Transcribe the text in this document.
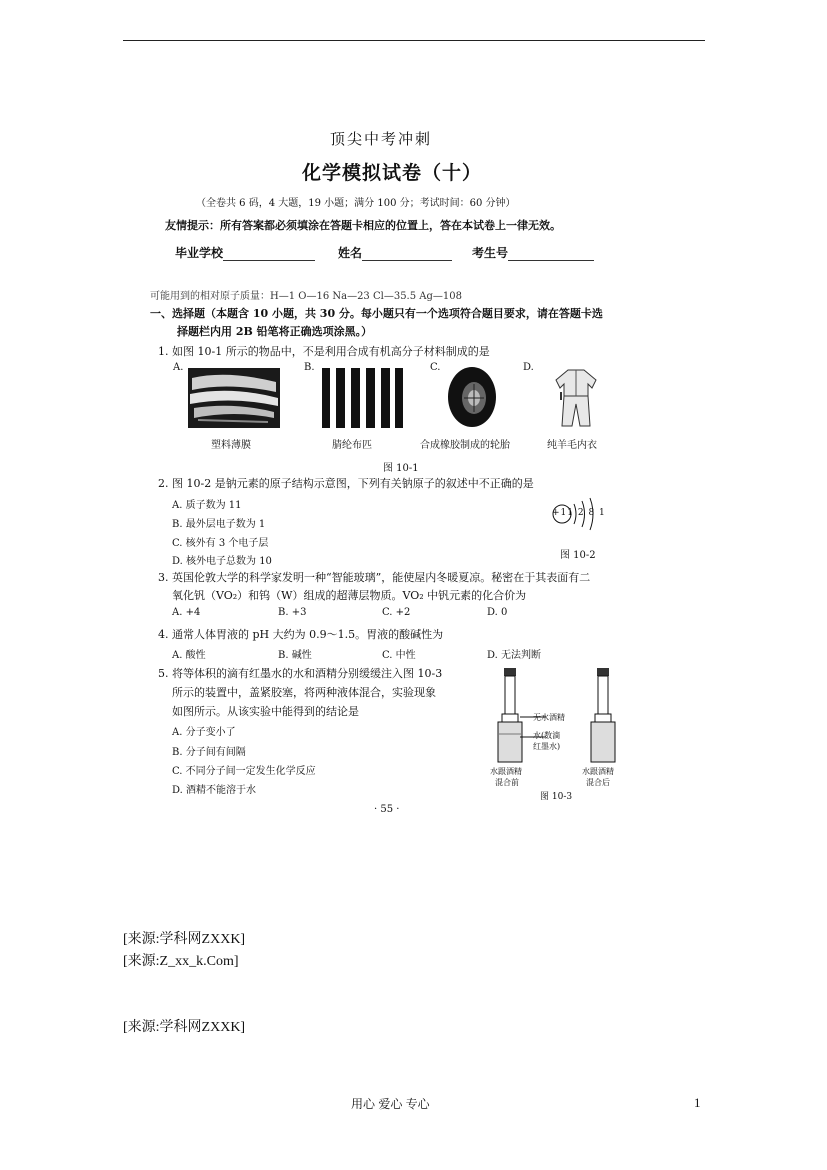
顶尖中考冲刺
化学模拟试卷（十）
（全卷共 6 码，4 大题，19 小题；满分 100 分；考试时间：60 分钟）
友情提示：所有答案都必须填涂在答题卡相应的位置上，答在本试卷上一律无效。
毕业学校	姓名	考生号
可能用到的相对原子质量：H—1 O—16 Na—23 Cl—35.5 Ag—108
一、选择题（本题含 10 小题，共 30 分。每小题只有一个选项符合题目要求，请在答题卡选
择题栏内用 2B 铅笔将正确选项涂黑。）
1. 如图 10-1 所示的物品中，不是利用合成有机高分子材料制成的是
A.	B.	C.	D.
塑料薄膜	腈纶布匹	合成橡胶制成的轮胎	纯羊毛内衣
图 10-1
2. 图 10-2 是钠元素的原子结构示意图，下列有关钠原子的叙述中不正确的是
A. 质子数为 11
B. 最外层电子数为 1
C. 核外有 3 个电子层
D. 核外电子总数为 10
+11 2 8 1
图 10-2
3. 英国伦敦大学的科学家发明一种“智能玻璃”，能使屋内冬暖夏凉。秘密在于其表面有二
氧化钒（VO₂）和钨（W）组成的超薄层物质。VO₂ 中钒元素的化合价为
A. +4	B. +3	C. +2	D. 0
4. 通常人体胃液的 pH 大约为 0.9～1.5。胃液的酸碱性为
A. 酸性	B. 碱性	C. 中性	D. 无法判断
5. 将等体积的滴有红墨水的水和酒精分别缓缓注入图 10-3
所示的装置中，盖紧胶塞，将两种液体混合，实验现象
如图所示。从该实验中能得到的结论是
A. 分子变小了
B. 分子间有间隔
C. 不同分子间一定发生化学反应
D. 酒精不能溶于水
无水酒精
水(数滴
红墨水)
水跟酒精
混合前
水跟酒精
混合后
图 10-3
· 55 ·
[来源:学科网ZXXK]
[来源:Z_xx_k.Com]
[来源:学科网ZXXK]
用心 爱心 专心	1
